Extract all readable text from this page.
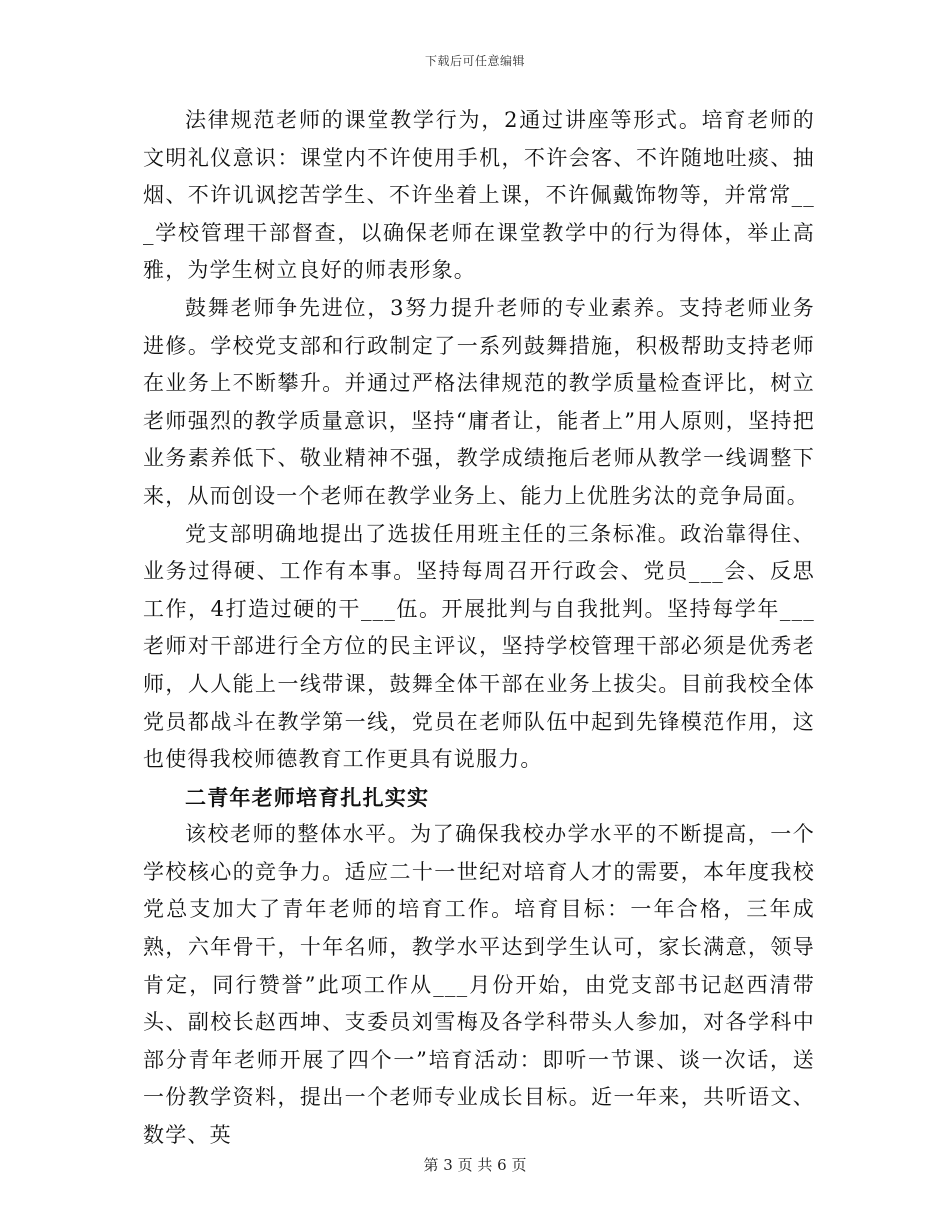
下载后可任意编辑

法律规范老师的课堂教学行为，2通过讲座等形式。培育老师的文明礼仪意识：课堂内不许使用手机，不许会客、不许随地吐痰、抽烟、不许讥讽挖苦学生、不许坐着上课，不许佩戴饰物等，并常常___学校管理干部督查，以确保老师在课堂教学中的行为得体，举止高雅，为学生树立良好的师表形象。

鼓舞老师争先进位，3努力提升老师的专业素养。支持老师业务进修。学校党支部和行政制定了一系列鼓舞措施，积极帮助支持老师在业务上不断攀升。并通过严格法律规范的教学质量检查评比，树立老师强烈的教学质量意识，坚持“庸者让，能者上”用人原则，坚持把业务素养低下、敬业精神不强，教学成绩拖后老师从教学一线调整下来，从而创设一个老师在教学业务上、能力上优胜劣汰的竞争局面。

党支部明确地提出了选拔任用班主任的三条标准。政治靠得住、业务过得硬、工作有本事。坚持每周召开行政会、党员___会、反思工作，4打造过硬的干___伍。开展批判与自我批判。坚持每学年___老师对干部进行全方位的民主评议，坚持学校管理干部必须是优秀老师，人人能上一线带课，鼓舞全体干部在业务上拔尖。目前我校全体党员都战斗在教学第一线，党员在老师队伍中起到先锋模范作用，这也使得我校师德教育工作更具有说服力。

二青年老师培育扎扎实实

该校老师的整体水平。为了确保我校办学水平的不断提高，一个学校核心的竞争力。适应二十一世纪对培育人才的需要，本年度我校党总支加大了青年老师的培育工作。培育目标：一年合格，三年成熟，六年骨干，十年名师，教学水平达到学生认可，家长满意，领导肯定，同行赞誉”此项工作从___月份开始，由党支部书记赵西清带头、副校长赵西坤、支委员刘雪梅及各学科带头人参加，对各学科中部分青年老师开展了四个一”培育活动：即听一节课、谈一次话，送一份教学资料，提出一个老师专业成长目标。近一年来，共听语文、数学、英

第 3 页 共 6 页
